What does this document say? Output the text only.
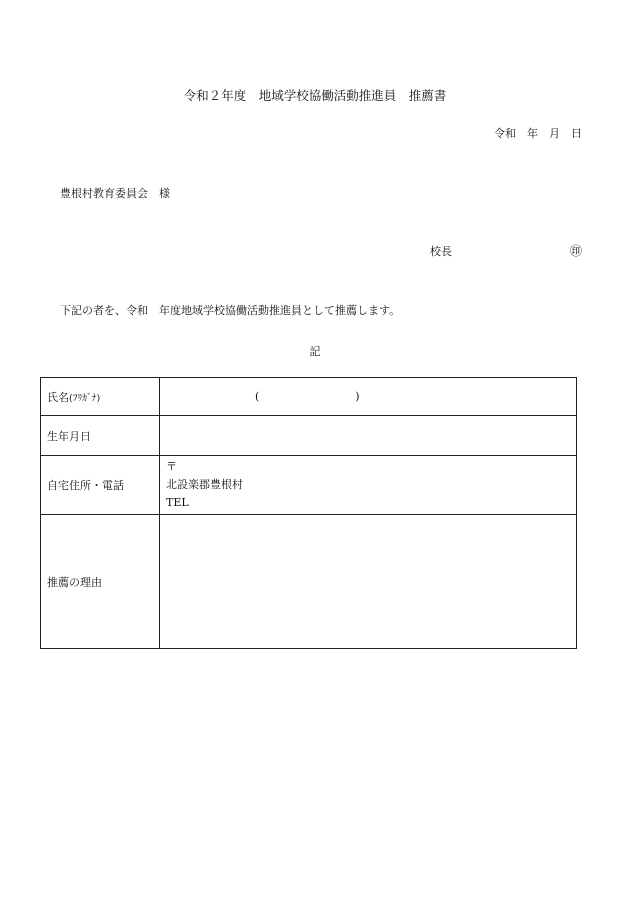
令和２年度　地域学校協働活動推進員　推薦書
令和　年　月　日
豊根村教育委員会　様
校長	㊞
下記の者を、令和　年度地域学校協働活動推進員として推薦します。
記
氏名(ﾌﾘｶﾞﾅ)	( )
生年月日	
自宅住所・電話	〒
北設楽郡豊根村
TEL

推薦の理由	
